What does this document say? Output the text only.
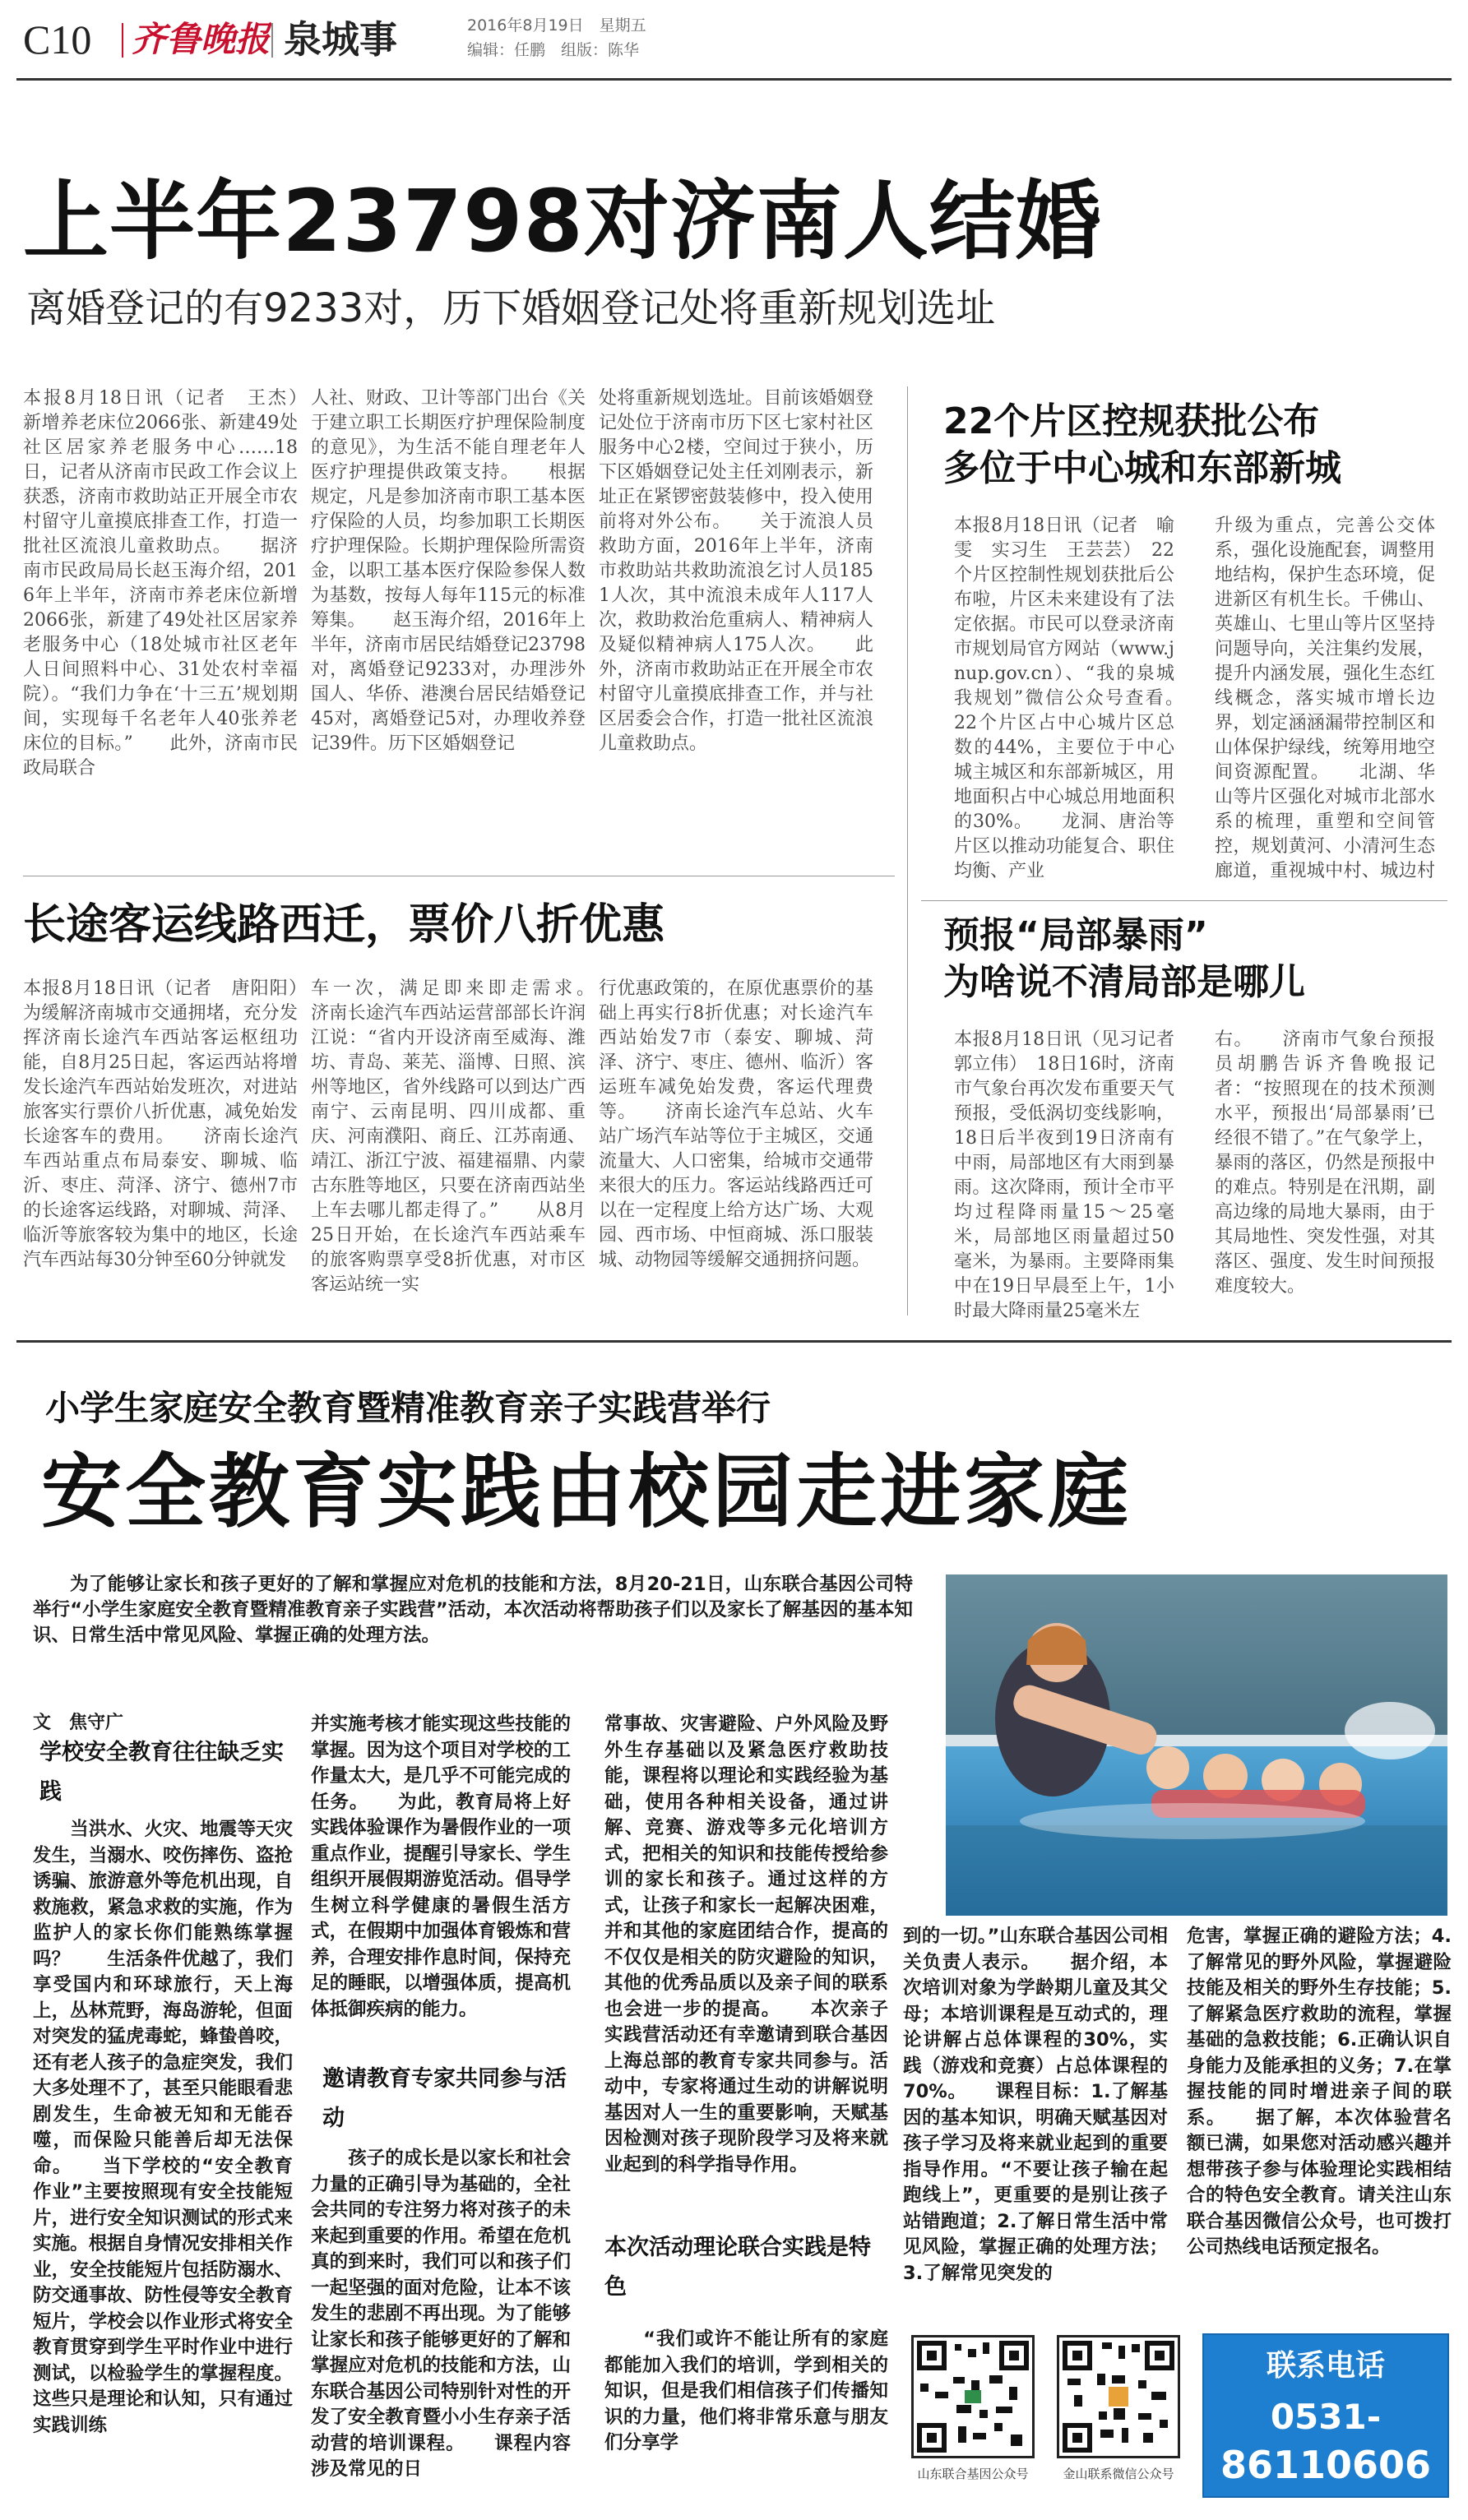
C10 齐鲁晚报 泉城事	2016年8月19日　 星期五
编辑：任鹏　 组版：陈华
上半年23798对济南人结婚
离婚登记的有9233对，历下婚姻登记处将重新规划选址
本报8月18日讯（记者　王杰）　新增养老床位2066张、新建49处社区居家养老服务中心……18日，记者从济南市民政工作会议上获悉，济南市救助站正开展全市农村留守儿童摸底排查工作，打造一批社区流浪儿童救助点。　　据济南市民政局局长赵玉海介绍，2016年上半年，济南市养老床位新增2066张，新建了49处社区居家养老服务中心（18处城市社区老年人日间照料中心、31处农村幸福院）。“我们力争在‘十三五’规划期间，实现每千名老年人40张养老床位的目标。”　　此外，济南市民政局联合
人社、财政、卫计等部门出台《关于建立职工长期医疗护理保险制度的意见》，为生活不能自理老年人医疗护理提供政策支持。　　根据规定，凡是参加济南市职工基本医疗保险的人员，均参加职工长期医疗护理保险。长期护理保险所需资金，以职工基本医疗保险参保人数为基数，按每人每年115元的标准筹集。　　赵玉海介绍，2016年上半年，济南市居民结婚登记23798对，离婚登记9233对，办理涉外国人、华侨、港澳台居民结婚登记45对，离婚登记5对，办理收养登记39件。历下区婚姻登记
处将重新规划选址。目前该婚姻登记处位于济南市历下区七家村社区服务中心2楼，空间过于狭小，历下区婚姻登记处主任刘刚表示，新址正在紧锣密鼓装修中，投入使用前将对外公布。　　关于流浪人员救助方面，2016年上半年，济南市救助站共救助流浪乞讨人员1851人次，其中流浪未成年人117人次，救助救治危重病人、精神病人及疑似精神病人175人次。　　此外，济南市救助站正在开展全市农村留守儿童摸底排查工作，并与社区居委会合作，打造一批社区流浪儿童救助点。
22个片区控规获批公布
多位于中心城和东部新城
本报8月18日讯（记者　喻雯　实习生　王芸芸）　22个片区控制性规划获批后公布啦，片区未来建设有了法定依据。市民可以登录济南市规划局官方网站（www.jnup.gov.cn）、“我的泉城我规划”微信公众号查看。　　22个片区占中心城片区总数的44%，主要位于中心城主城区和东部新城区，用地面积占中心城总用地面积的30%。　　龙洞、唐治等片区以推动功能复合、职住均衡、产业
升级为重点，完善公交体系，强化设施配套，调整用地结构，保护生态环境，促进新区有机生长。千佛山、英雄山、七里山等片区坚持问题导向，关注集约发展，提升内涵发展，强化生态红线概念，落实城市增长边界，划定涵涵漏带控制区和山体保护绿线，统筹用地空间资源配置。　　北湖、华山等片区强化对城市北部水系的梳理，重塑和空间管控，规划黄河、小清河生态廊道，重视城中村、城边村
长途客运线路西迁，票价八折优惠
本报8月18日讯（记者　唐阳阳）　为缓解济南城市交通拥堵，充分发挥济南长途汽车西站客运枢纽功能，自8月25日起，客运西站将增发长途汽车西站始发班次，对进站旅客实行票价八折优惠，减免始发长途客车的费用。　　济南长途汽车西站重点布局泰安、聊城、临沂、枣庄、菏泽、济宁、德州7市的长途客运线路，对聊城、菏泽、临沂等旅客较为集中的地区，长途汽车西站每30分钟至60分钟就发
车一次，满足即来即走需求。　　济南长途汽车西站运营部部长许润江说：“省内开设济南至威海、潍坊、青岛、莱芜、淄博、日照、滨州等地区，省外线路可以到达广西南宁、云南昆明、四川成都、重庆、河南濮阳、商丘、江苏南通、靖江、浙江宁波、福建福鼎、内蒙古东胜等地区，只要在济南西站坐上车去哪儿都走得了。”　　从8月25日开始，在长途汽车西站乘车的旅客购票享受8折优惠，对市区客运站统一实
行优惠政策的，在原优惠票价的基础上再实行8折优惠；对长途汽车西站始发7市（泰安、聊城、菏泽、济宁、枣庄、德州、临沂）客运班车减免始发费，客运代理费等。　　济南长途汽车总站、火车站广场汽车站等位于主城区，交通流量大、人口密集，给城市交通带来很大的压力。客运站线路西迁可以在一定程度上给方达广场、大观园、西市场、中恒商城、泺口服装城、动物园等缓解交通拥挤问题。
预报“局部暴雨”
为啥说不清局部是哪儿
本报8月18日讯（见习记者　郭立伟）　18日16时，济南市气象台再次发布重要天气预报，受低涡切变线影响，18日后半夜到19日济南有中雨，局部地区有大雨到暴雨。这次降雨，预计全市平均过程降雨量15～25毫米，局部地区雨量超过50毫米，为暴雨。主要降雨集中在19日早晨至上午，1小时最大降雨量25毫米左
右。　　济南市气象台预报员胡鹏告诉齐鲁晚报记者：“按照现在的技术预测水平，预报出‘局部暴雨’已经很不错了。”在气象学上，暴雨的落区，仍然是预报中的难点。特别是在汛期，副高边缘的局地大暴雨，由于其局地性、突发性强，对其落区、强度、发生时间预报难度较大。
小学生家庭安全教育暨精准教育亲子实践营举行
安全教育实践由校园走进家庭
为了能够让家长和孩子更好的了解和掌握应对危机的技能和方法，8月20-21日，山东联合基因公司特举行“小学生家庭安全教育暨精准教育亲子实践营”活动，本次活动将帮助孩子们以及家长了解基因的基本知识、日常生活中常见风险、掌握正确的处理方法。
文　焦守广
学校安全教育往往缺乏实践
　　当洪水、火灾、地震等天灾发生，当溺水、咬伤摔伤、盗抢诱骗、旅游意外等危机出现，自救施救，紧急求救的实施，作为监护人的家长你们能熟练掌握吗？　　生活条件优越了，我们享受国内和环球旅行，天上海上，丛林荒野，海岛游轮，但面对突发的猛虎毒蛇，蜂蛰兽咬，还有老人孩子的急症突发，我们大多处理不了，甚至只能眼看悲剧发生，生命被无知和无能吞噬，而保险只能善后却无法保命。　　当下学校的“安全教育作业”主要按照现有安全技能短片，进行安全知识测试的形式来实施。根据自身情况安排相关作业，安全技能短片包括防溺水、防交通事故、防性侵等安全教育短片，学校会以作业形式将安全教育贯穿到学生平时作业中进行测试，以检验学生的掌握程度。这些只是理论和认知，只有通过实践训练
并实施考核才能实现这些技能的掌握。因为这个项目对学校的工作量太大，是几乎不可能完成的任务。　　为此，教育局将上好实践体验课作为暑假作业的一项重点作业，提醒引导家长、学生组织开展假期游览活动。倡导学生树立科学健康的暑假生活方式，在假期中加强体育锻炼和营养，合理安排作息时间，保持充足的睡眠，以增强体质，提高机体抵御疾病的能力。
邀请教育专家共同参与活动
　　孩子的成长是以家长和社会力量的正确引导为基础的，全社会共同的专注努力将对孩子的未来起到重要的作用。希望在危机真的到来时，我们可以和孩子们一起坚强的面对危险，让本不该发生的悲剧不再出现。为了能够让家长和孩子能够更好的了解和掌握应对危机的技能和方法，山东联合基因公司特别针对性的开发了安全教育暨小小生存亲子活动营的培训课程。　　课程内容涉及常见的日
常事故、灾害避险、户外风险及野外生存基础以及紧急医疗救助技能，课程将以理论和实践经验为基础，使用各种相关设备，通过讲解、竞赛、游戏等多元化培训方式，把相关的知识和技能传授给参训的家长和孩子。通过这样的方式，让孩子和家长一起解决困难，并和其他的家庭团结合作，提高的不仅仅是相关的防灾避险的知识，其他的优秀品质以及亲子间的联系也会进一步的提高。　　本次亲子实践营活动还有幸邀请到联合基因上海总部的教育专家共同参与。活动中，专家将通过生动的讲解说明基因对人一生的重要影响，天赋基因检测对孩子现阶段学习及将来就业起到的科学指导作用。
本次活动理论联合实践是特色
　　“我们或许不能让所有的家庭都能加入我们的培训，学到相关的知识，但是我们相信孩子们传播知识的力量，他们将非常乐意与朋友们分享学
到的一切。”山东联合基因公司相关负责人表示。　　据介绍，本次培训对象为学龄期儿童及其父母；本培训课程是互动式的，理论讲解占总体课程的30%，实践（游戏和竞赛）占总体课程的70%。　　课程目标：1.了解基因的基本知识，明确天赋基因对孩子学习及将来就业起到的重要指导作用。“不要让孩子输在起跑线上”，更重要的是别让孩子站错跑道；2.了解日常生活中常见风险，掌握正确的处理方法；3.了解常见突发的
危害，掌握正确的避险方法；4.了解常见的野外风险，掌握避险技能及相关的野外生存技能；5.了解紧急医疗救助的流程，掌握基础的急救技能；6.正确认识自身能力及能承担的义务；7.在掌握技能的同时增进亲子间的联系。　　据了解，本次体验营名额已满，如果您对活动感兴趣并想带孩子参与体验理论实践相结合的特色安全教育。请关注山东联合基因微信公众号，也可拨打公司热线电话预定报名。
山东联合基因公众号	金山联系微信公众号
联系电话
0531-
86110606
